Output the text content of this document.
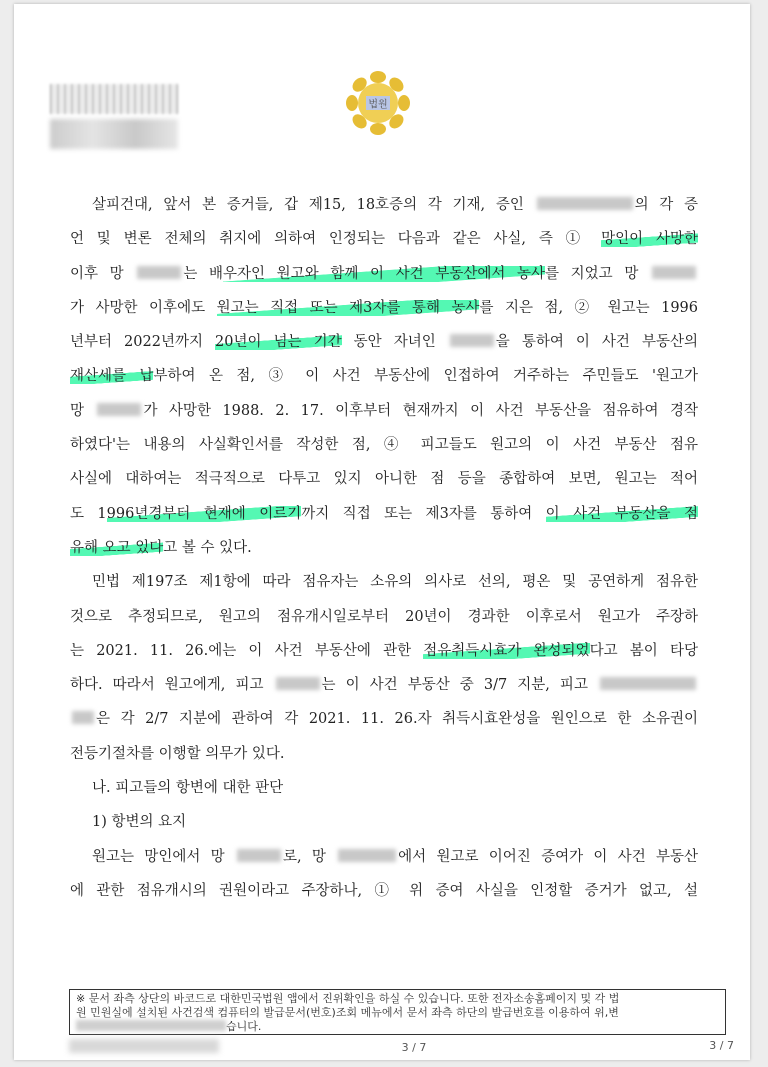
법원
살피건대, 앞서 본 증거들, 갑 제15, 18호증의 각 기재, 증인	의 각 증
언 및 변론 전체의 취지에 의하여 인정되는 다음과 같은 사실, 즉 ① 망인이 사망한
이후 망	는 배우자인 원고와 함께 이 사건 부동산에서 농사를 지었고 망
가 사망한 이후에도 원고는 직접 또는 제3자를 통해 농사를 지은 점, ② 원고는 1996
년부터 2022년까지 20년이 넘는 기간 동안 자녀인	을 통하여 이 사건 부동산의
재산세를 납부하여 온 점, ③ 이 사건 부동산에 인접하여 거주하는 주민들도 '원고가
망	가 사망한 1988. 2. 17. 이후부터 현재까지 이 사건 부동산을 점유하여 경작
하였다'는 내용의 사실확인서를 작성한 점, ④ 피고들도 원고의 이 사건 부동산 점유
사실에 대하여는 적극적으로 다투고 있지 아니한 점 등을 종합하여 보면, 원고는 적어
도 1996년경부터 현재에 이르기까지 직접 또는 제3자를 통하여 이 사건 부동산을 점
유해 오고 있다고 볼 수 있다.
민법 제197조 제1항에 따라 점유자는 소유의 의사로 선의, 평온 및 공연하게 점유한
것으로 추정되므로, 원고의 점유개시일로부터 20년이 경과한 이후로서 원고가 주장하
는 2021. 11. 26.에는 이 사건 부동산에 관한 점유취득시효가 완성되었다고 봄이 타당
하다. 따라서 원고에게, 피고	는 이 사건 부동산 중 3/7 지분, 피고
은 각 2/7 지분에 관하여 각 2021. 11. 26.자 취득시효완성을 원인으로 한 소유권이
전등기절차를 이행할 의무가 있다.
나. 피고들의 항변에 대한 판단
1) 항변의 요지
원고는 망인에서 망	로, 망	에서 원고로 이어진 증여가 이 사건 부동산
에 관한 점유개시의 권원이라고 주장하나, ① 위 증여 사실을 인정할 증거가 없고, 설
※ 문서 좌측 상단의 바코드로 대한민국법원 앱에서 진위확인을 하실 수 있습니다. 또한 전자소송홈페이지 및 각 법
원 민원실에 설치된 사건검색 컴퓨터의 발급문서(번호)조회 메뉴에서 문서 좌측 하단의 발급번호를 이용하여 위,변
습니다.
3 / 7	3 / 7
